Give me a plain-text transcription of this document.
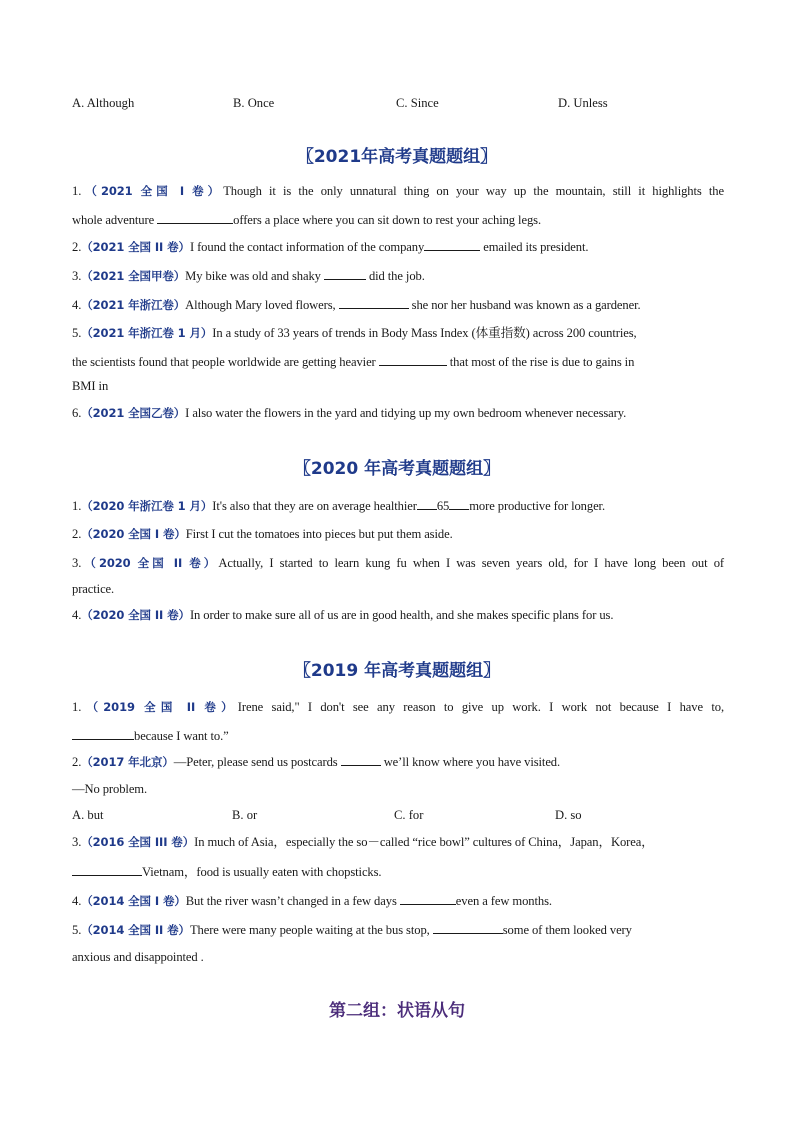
A. Although	B. Once	C. Since	D. Unless
〖2021年高考真题题组〗
1.（2021 全国 I 卷）Though it is the only unnatural thing on your way up the mountain, still it highlights the
whole adventure	offers a place where you can sit down to rest your aching legs.
2.（2021 全国 II 卷）I found the contact information of the company	emailed its president.
3.（2021 全国甲卷）My bike was old and shaky	did the job.
4.（2021 年浙江卷）Although Mary loved flowers,	she nor her husband was known as a gardener.
5.（2021 年浙江卷 1 月）In a study of 33 years of trends in Body Mass Index (体重指数) across 200 countries,
the scientists found that people worldwide are getting heavier	that most of the rise is due to gains in
BMI in
6.（2021 全国乙卷）I also water the flowers in the yard and tidying up my own bedroom whenever necessary.
〖2020 年高考真题题组〗
1.（2020 年浙江卷 1 月）It's also that they are on average healthier 65 more productive for longer.
2.（2020 全国 I 卷）First I cut the tomatoes into pieces but put them aside.
3.（2020 全国 II 卷）Actually, I started to learn kung fu when I was seven years old, for I have long been out of
practice.
4.（2020 全国 II 卷）In order to make sure all of us are in good health, and she makes specific plans for us.
〖2019 年高考真题题组〗
1.（2019 全国 II 卷）Irene said," I don't see any reason to give up work. I work not because I have to,
because I want to.”
2.（2017 年北京）—Peter, please send us postcards	we’ll know where you have visited.
—No problem.
A. but	B. or	C. for	D. so
3.（2016 全国 III 卷）In much of Asia，especially the so－called “rice bowl” cultures of China，Japan，Korea，
Vietnam，food is usually eaten with chopsticks.
4.（2014 全国 I 卷）But the river wasn’t changed in a few days	even a few months.
5.（2014 全国 II 卷）There were many people waiting at the bus stop,	some of them looked very
anxious and disappointed .
第二组：状语从句
